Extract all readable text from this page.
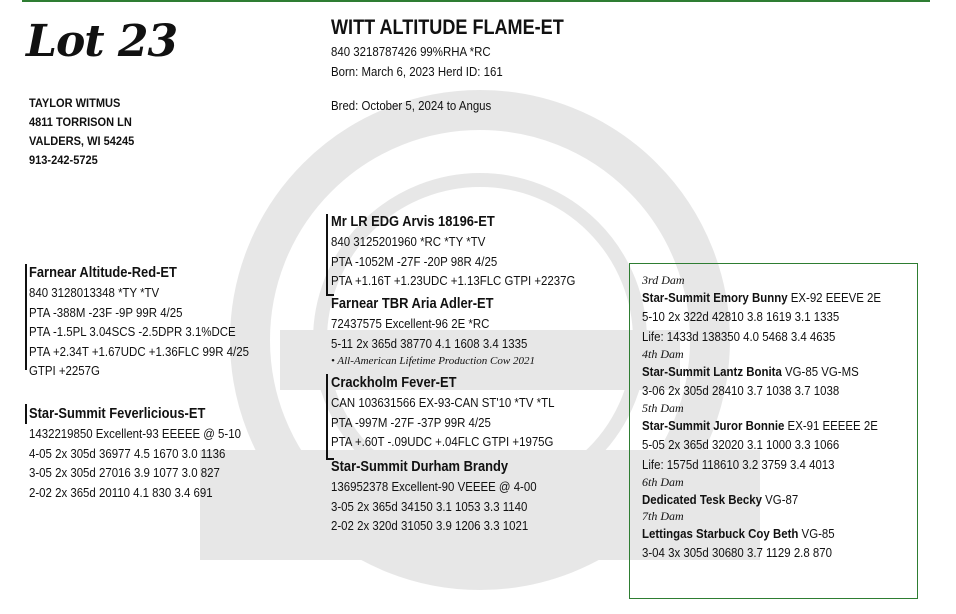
Lot 23
TAYLOR WITMUS
4811 TORRISON LN
VALDERS, WI 54245
913-242-5725
WITT ALTITUDE FLAME-ET
840 3218787426 99%RHA *RC
Born: March 6, 2023 Herd ID: 161
Bred: October 5, 2024 to Angus
Farnear Altitude-Red-ET
840 3128013348 *TY *TV
PTA -388M -23F -9P 99R 4/25
PTA -1.5PL 3.04SCS -2.5DPR 3.1%DCE
PTA +2.34T +1.67UDC +1.36FLC 99R 4/25
GTPI +2257G
Star-Summit Feverlicious-ET
1432219850 Excellent-93 EEEEE @ 5-10
4-05 2x 305d 36977 4.5 1670 3.0 1136
3-05 2x 305d 27016 3.9 1077 3.0 827
2-02 2x 365d 20110 4.1 830 3.4 691
Mr LR EDG Arvis 18196-ET
840 3125201960 *RC *TY *TV
PTA -1052M -27F -20P 98R 4/25
PTA +1.16T +1.23UDC +1.13FLC GTPI +2237G
Farnear TBR Aria Adler-ET
72437575 Excellent-96 2E *RC
5-11 2x 365d 38770 4.1 1608 3.4 1335
• All-American Lifetime Production Cow 2021
Crackholm Fever-ET
CAN 103631566 EX-93-CAN ST'10 *TV *TL
PTA -997M -27F -37P 99R 4/25
PTA +.60T -.09UDC +.04FLC GTPI +1975G
Star-Summit Durham Brandy
136952378 Excellent-90 VEEEE @ 4-00
3-05 2x 365d 34150 3.1 1053 3.3 1140
2-02 2x 320d 31050 3.9 1206 3.3 1021
3rd Dam
Star-Summit Emory Bunny EX-92 EEEVE 2E
5-10 2x 322d 42810 3.8 1619 3.1 1335
Life: 1433d 138350 4.0 5468 3.4 4635
4th Dam
Star-Summit Lantz Bonita VG-85 VG-MS
3-06 2x 305d 28410 3.7 1038 3.7 1038
5th Dam
Star-Summit Juror Bonnie EX-91 EEEEE 2E
5-05 2x 365d 32020 3.1 1000 3.3 1066
Life: 1575d 118610 3.2 3759 3.4 4013
6th Dam
Dedicated Tesk Becky VG-87
7th Dam
Lettingas Starbuck Coy Beth VG-85
3-04 3x 305d 30680 3.7 1129 2.8 870
